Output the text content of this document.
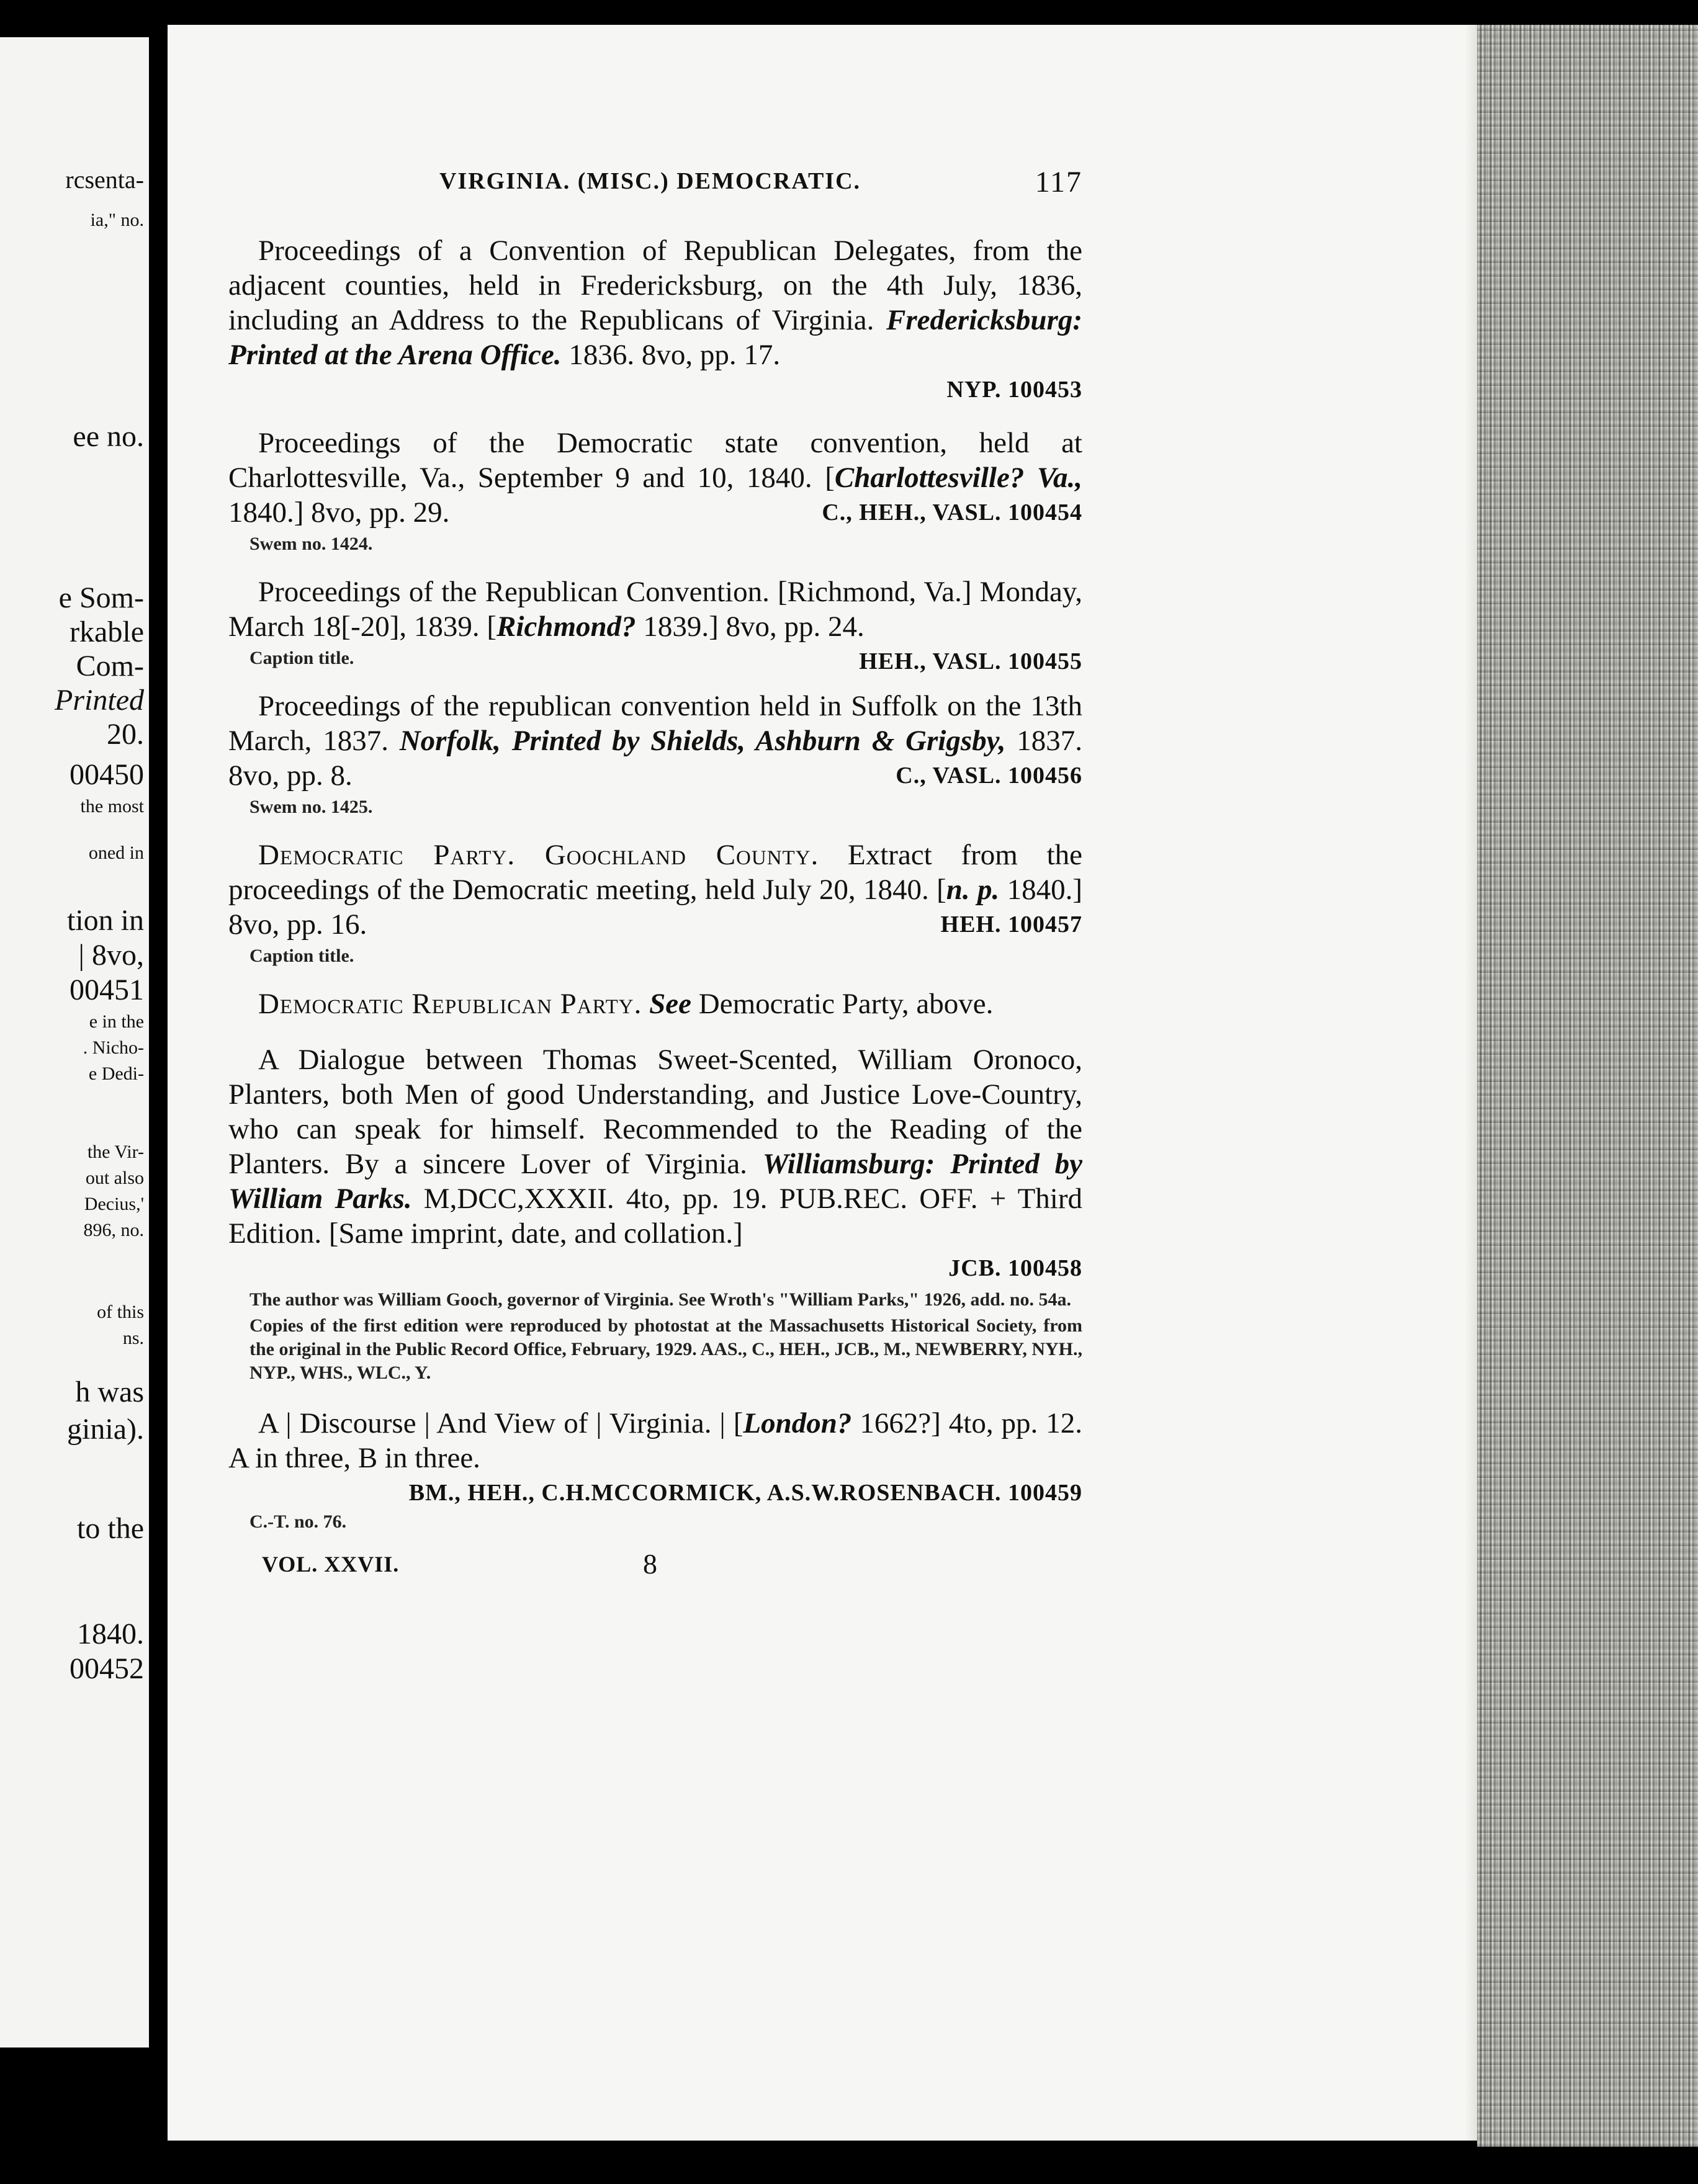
rcsenta-
ia," no.
ee no.
e Som-
rkable
Com-
Printed
20.
00450
the most
oned in
tion in
| 8vo,
00451
e in the
. Nicho-
e Dedi-
the Vir-
out also
Decius,'
896, no.
of this
ns.
h was
ginia).
to the
1840.
00452
VIRGINIA. (MISC.) DEMOCRATIC.	117

Proceedings of a Convention of Republican Delegates, from the adjacent counties, held in Fredericksburg, on the 4th July, 1836, including an Address to the Republicans of Virginia. Fredericksburg: Printed at the Arena Office. 1836. 8vo, pp. 17.

NYP. 100453

Proceedings of the Democratic state convention, held at Charlottesville, Va., September 9 and 10, 1840. [Charlottesville? Va., 1840.] 8vo, pp. 29.	C., HEH., VASL. 100454

Swem no. 1424.

Proceedings of the Republican Convention. [Richmond, Va.] Monday, March 18[-20], 1839. [Richmond? 1839.] 8vo, pp. 24.
HEH., VASL. 100455

Caption title.

Proceedings of the republican convention held in Suffolk on the 13th March, 1837. Norfolk, Printed by Shields, Ashburn & Grigsby, 1837. 8vo, pp. 8.	C., VASL. 100456

Swem no. 1425.

Democratic Party. Goochland County. Extract from the proceedings of the Democratic meeting, held July 20, 1840. [n. p. 1840.] 8vo, pp. 16.	HEH. 100457

Caption title.

Democratic Republican Party. See Democratic Party, above.

A Dialogue between Thomas Sweet-Scented, William Oronoco, Planters, both Men of good Understanding, and Justice Love-Country, who can speak for himself. Recommended to the Reading of the Planters. By a sincere Lover of Virginia. Williamsburg: Printed by William Parks. M,DCC,XXXII. 4to, pp. 19. PUB.REC. OFF. + Third Edition. [Same imprint, date, and collation.]

JCB. 100458

The author was William Gooch, governor of Virginia. See Wroth's "William Parks," 1926, add. no. 54a.

Copies of the first edition were reproduced by photostat at the Massachusetts Historical Society, from the original in the Public Record Office, February, 1929. AAS., C., HEH., JCB., M., NEWBERRY, NYH., NYP., WHS., WLC., Y.

A | Discourse | And View of | Virginia. | [London? 1662?] 4to, pp. 12. A in three, B in three.

BM., HEH., C.H.MCCORMICK, A.S.W.ROSENBACH. 100459

C.-T. no. 76.

VOL. XXVII.	8
